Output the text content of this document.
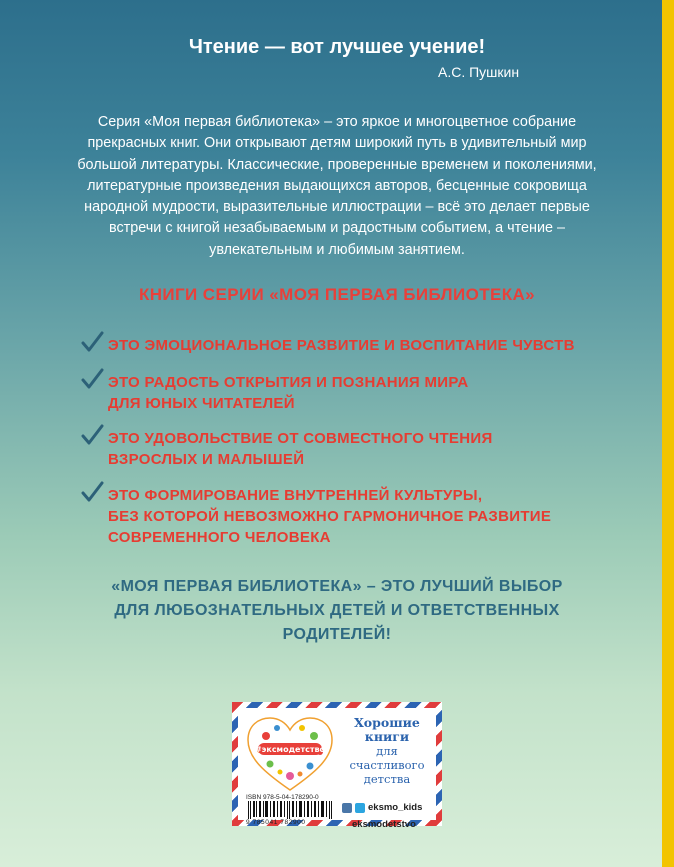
Чтение — вот лучшее учение!
А.С. Пушкин
Серия «Моя первая библиотека» – это яркое и многоцветное собрание
прекрасных книг. Они открывают детям широкий путь в удивительный мир
большой литературы. Классические, проверенные временем и поколениями,
литературные произведения выдающихся авторов, бесценные сокровища
народной мудрости, выразительные иллюстрации – всё это делает первые
встречи с книгой незабываемым и радостным событием, а чтение –
увлекательным и любимым занятием.
КНИГИ СЕРИИ «МОЯ ПЕРВАЯ БИБЛИОТЕКА»
ЭТО ЭМОЦИОНАЛЬНОЕ РАЗВИТИЕ И ВОСПИТАНИЕ ЧУВСТВ
ЭТО РАДОСТЬ ОТКРЫТИЯ И ПОЗНАНИЯ МИРА
ДЛЯ ЮНЫХ ЧИТАТЕЛЕЙ
ЭТО УДОВОЛЬСТВИЕ ОТ СОВМЕСТНОГО ЧТЕНИЯ
ВЗРОСЛЫХ И МАЛЫШЕЙ
ЭТО ФОРМИРОВАНИЕ ВНУТРЕННЕЙ КУЛЬТУРЫ,
БЕЗ КОТОРОЙ НЕВОЗМОЖНО ГАРМОНИЧНОЕ РАЗВИТИЕ
СОВРЕМЕННОГО ЧЕЛОВЕКА
«МОЯ ПЕРВАЯ БИБЛИОТЕКА» – ЭТО ЛУЧШИЙ ВЫБОР
ДЛЯ ЛЮБОЗНАТЕЛЬНЫХ ДЕТЕЙ И ОТВЕТСТВЕННЫХ
РОДИТЕЛЕЙ!
#эксмодетство
Хорошие
книги
для счастливого
детства
ISBN 978-5-04-178290-0
9 785041 782900
eksmo_kids
eksmodetstvo
